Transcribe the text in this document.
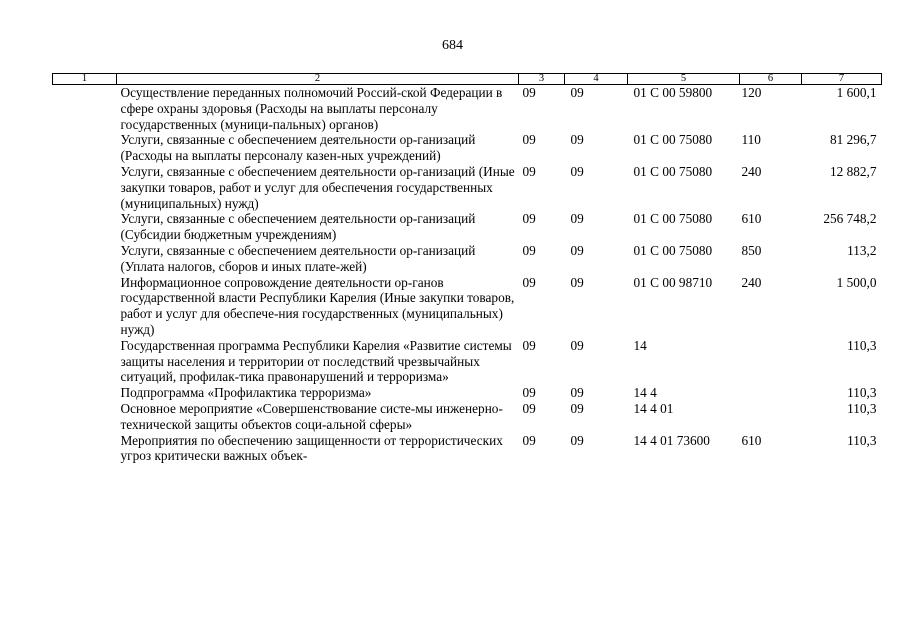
684
1	2	3	4	5	6	7
	Осуществление переданных полномочий Россий-ской Федерации в сфере охраны здоровья (Расходы на выплаты персоналу государственных (муници-пальных) органов)	09	09	01 С 00 59800	120	1 600,1
	Услуги, связанные с обеспечением деятельности ор-ганизаций (Расходы на выплаты персоналу казен-ных учреждений)	09	09	01 С 00 75080	110	81 296,7
	Услуги, связанные с обеспечением деятельности ор-ганизаций (Иные закупки товаров, работ и услуг для обеспечения государственных (муниципальных) нужд)	09	09	01 С 00 75080	240	12 882,7
	Услуги, связанные с обеспечением деятельности ор-ганизаций (Субсидии бюджетным учреждениям)	09	09	01 С 00 75080	610	256 748,2
	Услуги, связанные с обеспечением деятельности ор-ганизаций (Уплата налогов, сборов и иных плате-жей)	09	09	01 С 00 75080	850	113,2
	Информационное сопровождение деятельности ор-ганов государственной власти Республики Карелия (Иные закупки товаров, работ и услуг для обеспече-ния государственных (муниципальных) нужд)	09	09	01 С 00 98710	240	1 500,0
	Государственная программа Республики Карелия «Развитие системы защиты населения и территории от последствий чрезвычайных ситуаций, профилак-тика правонарушений и терроризма»	09	09	14		110,3
	Подпрограмма «Профилактика терроризма»	09	09	14 4		110,3
	Основное мероприятие «Совершенствование систе-мы инженерно-технической защиты объектов соци-альной сферы»	09	09	14 4 01		110,3
	Мероприятия по обеспечению защищенности от террористических угроз критически важных объек-	09	09	14 4 01 73600	610	110,3
